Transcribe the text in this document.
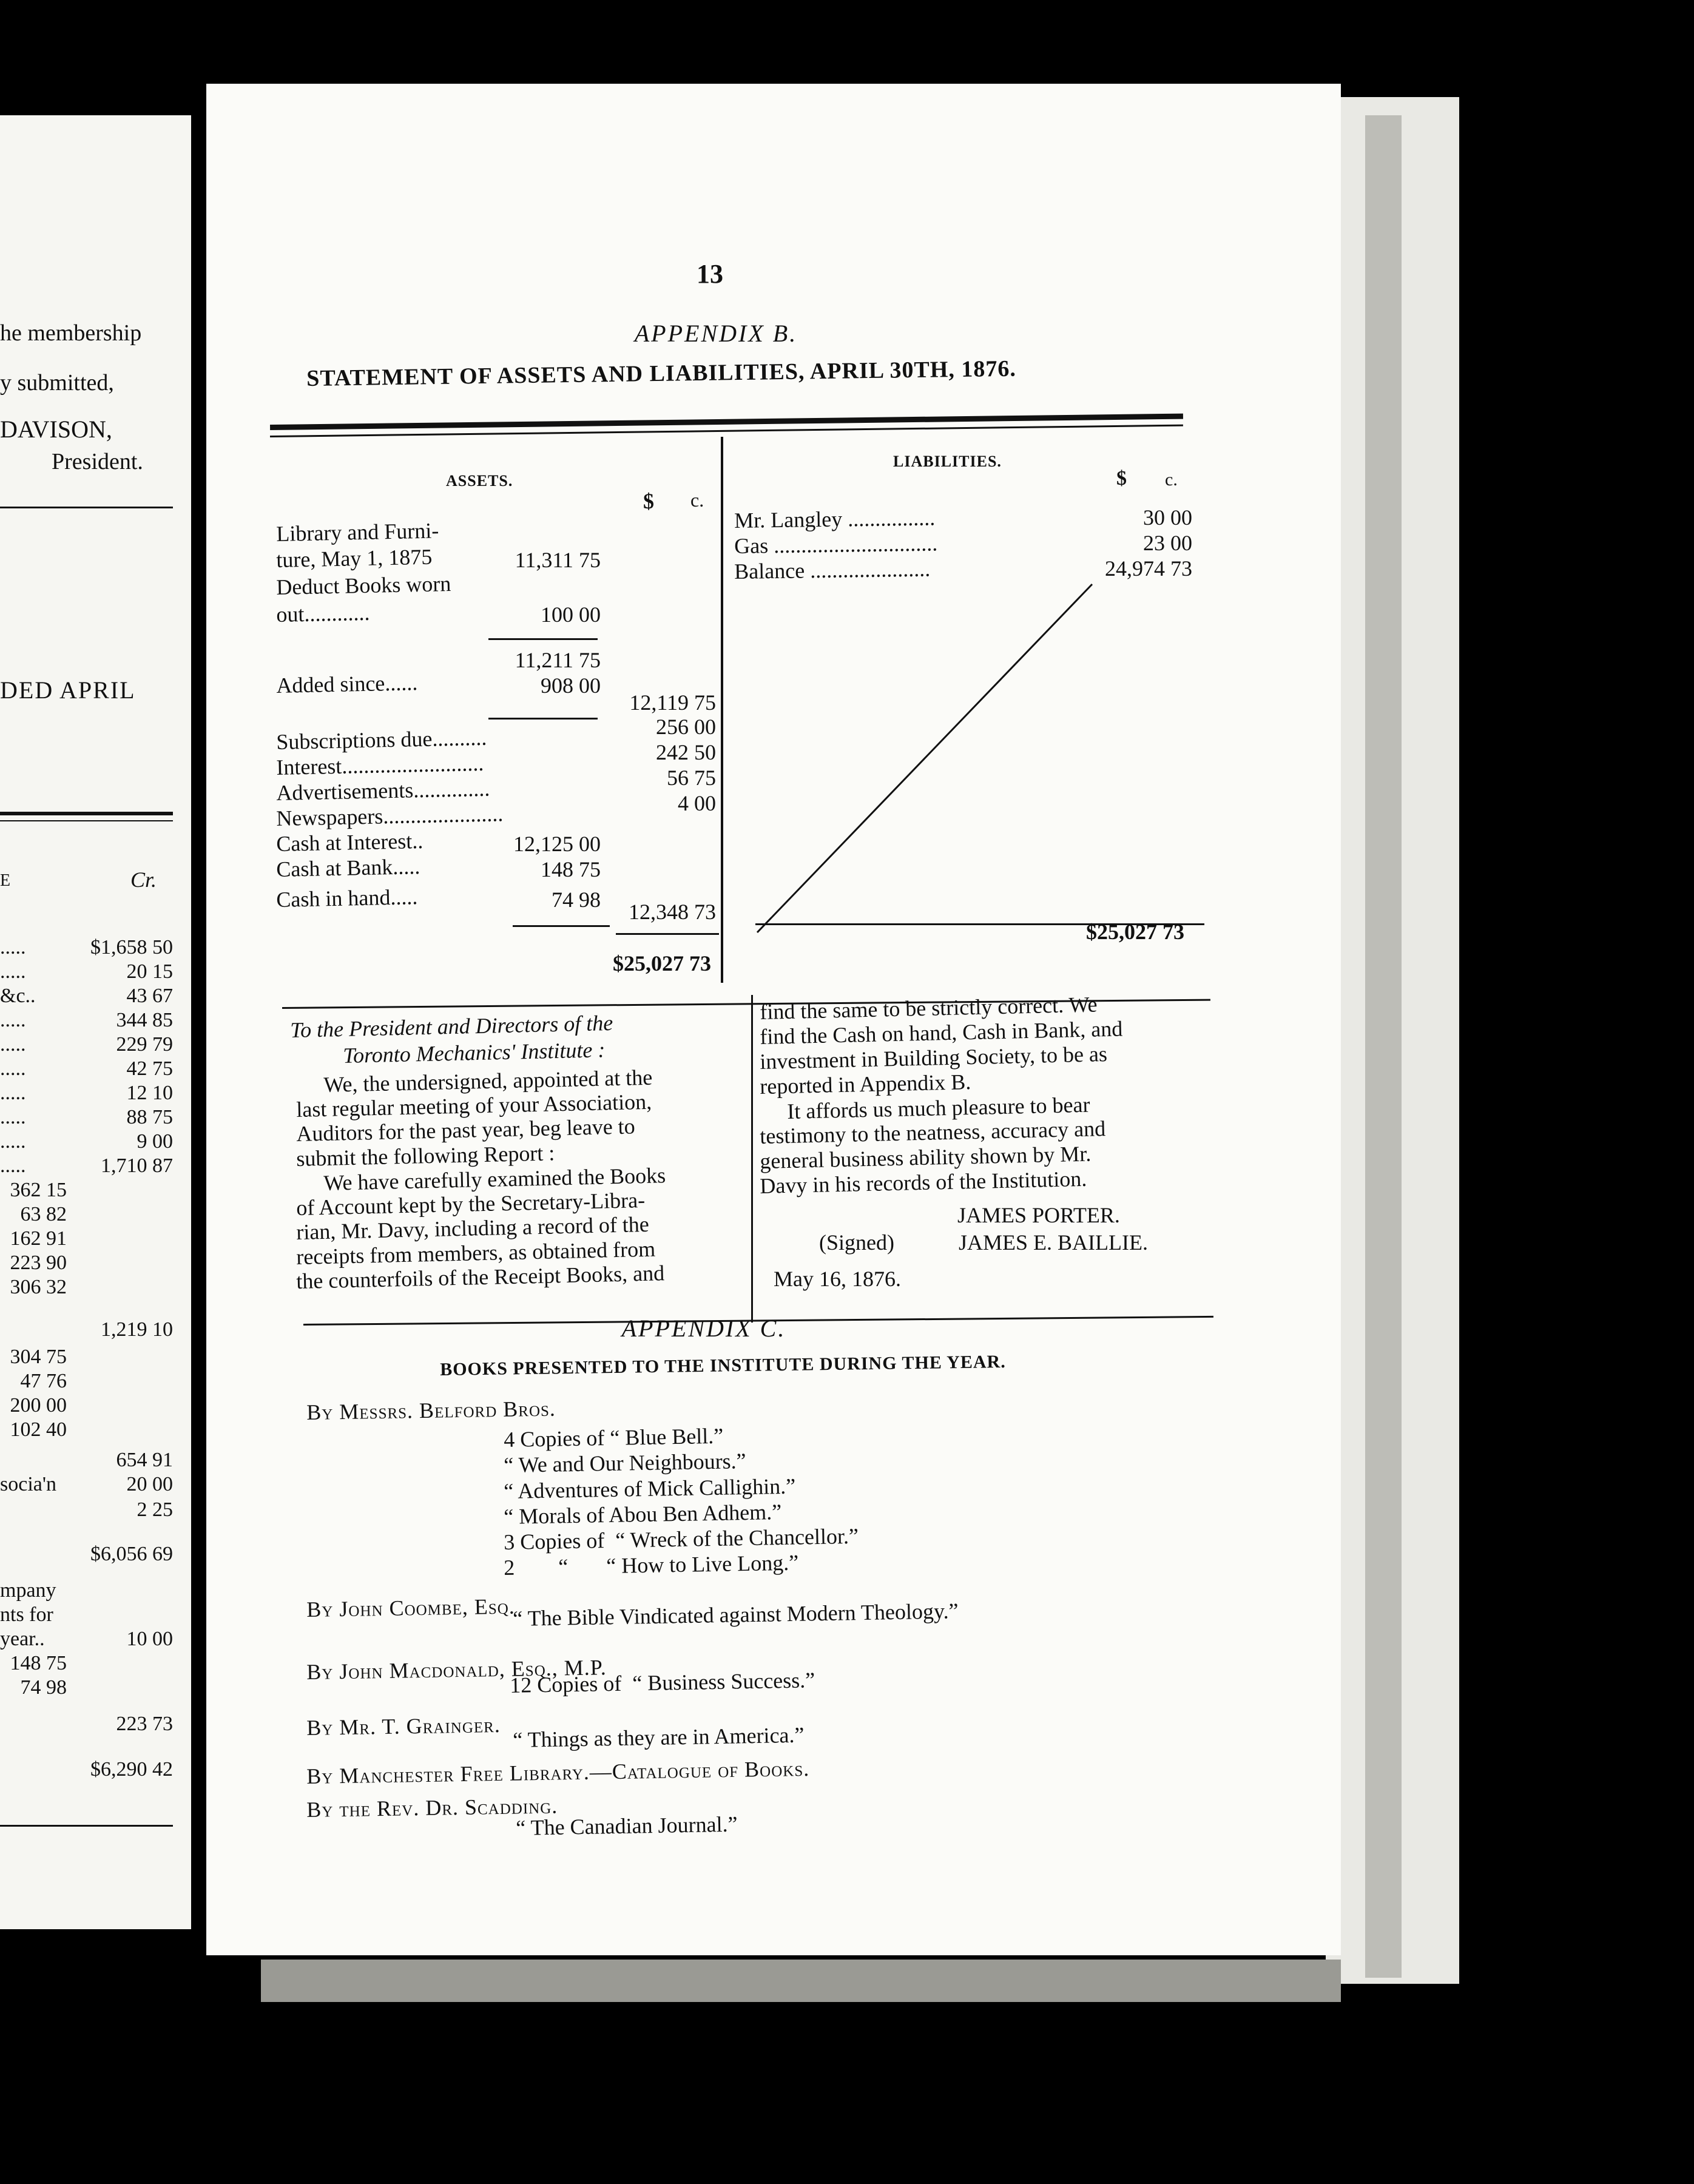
he membership
y submitted,
DAVISON,
President.
DED APRIL
E	Cr.
.....	$1,658 50
.....	20 15
&c..	43 67
.....	344 85
.....	229 79
.....	42 75
.....	12 10
.....	88 75
.....	9 00
.....	1,710 87
362 15
63 82
162 91
223 90
306 32
1,219 10
304 75
47 76
200 00
102 40
654 91
socia'n	20 00
2 25
$6,056 69
mpany
nts for
year..	10 00
148 75
74 98
223 73
$6,290 42
13
APPENDIX B.
STATEMENT OF ASSETS AND LIABILITIES, APRIL 30TH, 1876.
ASSETS.
$ c.
Library and Furni-
ture, May 1, 1875	11,311 75
Deduct Books worn
out............	100 00
11,211 75
Added since......	908 00
12,119 75
Subscriptions due..........	256 00
Interest..........................	242 50
Advertisements..............	56 75
Newspapers......................	4 00
Cash at Interest..	12,125 00
Cash at Bank.....	148 75
Cash in hand.....	74 98	12,348 73
$25,027 73
LIABILITIES.
$ c.
Mr. Langley ................	30 00
Gas ..............................	23 00
Balance ......................	24,974 73
$25,027 73
To the President and Directors of the
Toronto Mechanics' Institute :
We, the undersigned, appointed at the
last regular meeting of your Association,
Auditors for the past year, beg leave to
submit the following Report :
We have carefully examined the Books
of Account kept by the Secretary-Libra-
rian, Mr. Davy, including a record of the
receipts from members, as obtained from
the counterfoils of the Receipt Books, and
find the same to be strictly correct. We
find the Cash on hand, Cash in Bank, and
investment in Building Society, to be as
reported in Appendix B.
It affords us much pleasure to bear
testimony to the neatness, accuracy and
general business ability shown by Mr.
Davy in his records of the Institution.
JAMES PORTER.
(Signed)	JAMES E. BAILLIE.
May 16, 1876.
APPENDIX C.
BOOKS PRESENTED TO THE INSTITUTE DURING THE YEAR.
By Messrs. Belford Bros.
4 Copies of “ Blue Bell.”
“ We and Our Neighbours.”
“ Adventures of Mick Callighin.”
“ Morals of Abou Ben Adhem.”
3 Copies of  “ Wreck of the Chancellor.”
2        “       “ How to Live Long.”
By John Coombe, Esq.
“ The Bible Vindicated against Modern Theology.”
By John Macdonald, Esq., M.P.
12 Copies of  “ Business Success.”
By Mr. T. Grainger. “ Things as they are in America.”
By Manchester Free Library.—Catalogue of Books.
By the Rev. Dr. Scadding.
“ The Canadian Journal.”
